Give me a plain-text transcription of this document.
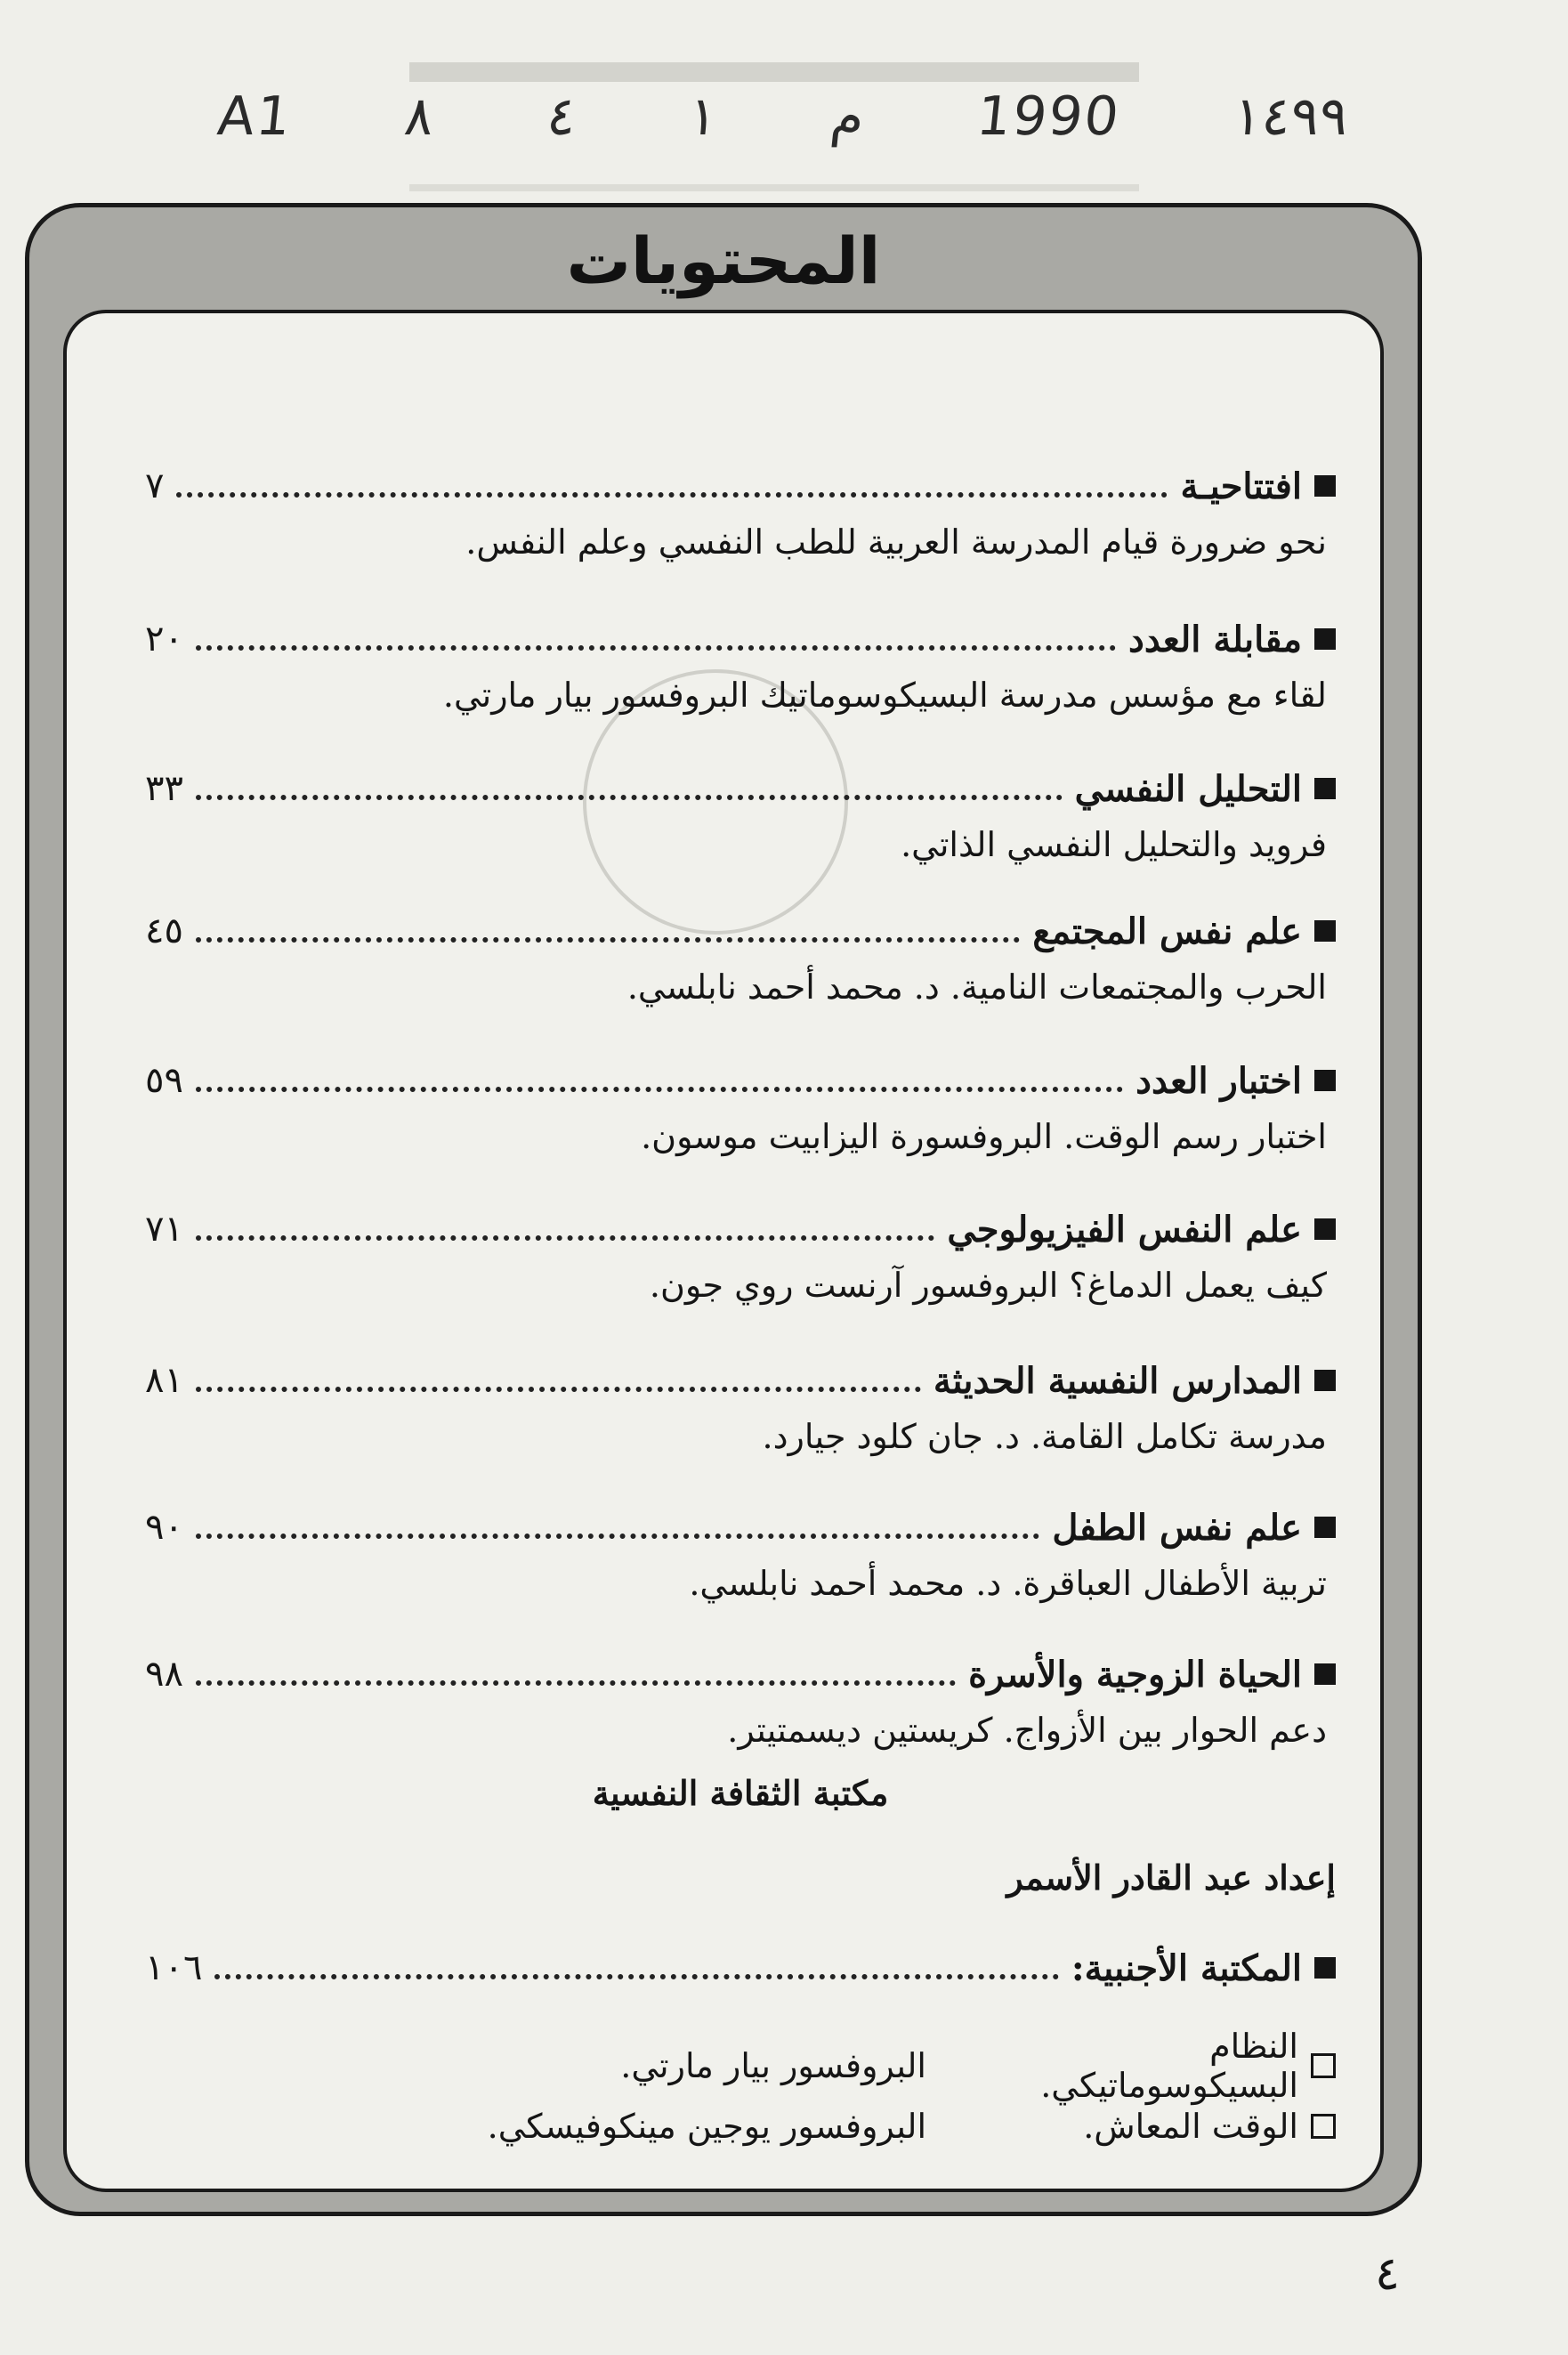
A1 ٨ ٤ ١ م 1990 ١٤٩٩
المحتويات
افتتاحيـة
٧
نحو ضرورة قيام المدرسة العربية للطب النفسي وعلم النفس.
مقابلة العدد
٢٠
لقاء مع مؤسس مدرسة البسيكوسوماتيك البروفسور بيار مارتي.
التحليل النفسي
٣٣
فرويد والتحليل النفسي الذاتي.
علم نفس المجتمع
٤٥
الحرب والمجتمعات النامية. د. محمد أحمد نابلسي.
اختبار العدد
٥٩
اختبار رسم الوقت. البروفسورة اليزابيت موسون.
علم النفس الفيزيولوجي
٧١
كيف يعمل الدماغ؟ البروفسور آرنست روي جون.
المدارس النفسية الحديثة
٨١
مدرسة تكامل القامة. د. جان كلود جيارد.
علم نفس الطفل
٩٠
تربية الأطفال العباقرة. د. محمد أحمد نابلسي.
الحياة الزوجية والأسرة
٩٨
دعم الحوار بين الأزواج. كريستين ديسمتيتر.
مكتبة الثقافة النفسية
إعداد عبد القادر الأسمر
المكتبة الأجنبية:
١٠٦
النظام البسيكوسوماتيكي.
البروفسور بيار مارتي.
الوقت المعاش.
البروفسور يوجين مينكوفيسكي.
٤
